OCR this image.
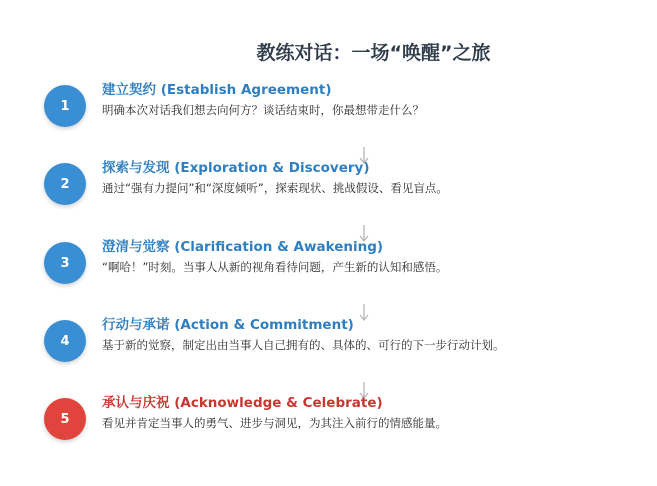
教练对话：一场“唤醒”之旅
1
建立契约 (Establish Agreement)
明确本次对话我们想去向何方？谈话结束时，你最想带走什么？
2
探索与发现 (Exploration & Discovery)
通过“强有力提问”和“深度倾听”，探索现状、挑战假设、看见盲点。
3
澄清与觉察 (Clarification & Awakening)
“啊哈！”时刻。当事人从新的视角看待问题，产生新的认知和感悟。
4
行动与承诺 (Action & Commitment)
基于新的觉察，制定出由当事人自己拥有的、具体的、可行的下一步行动计划。
5
承认与庆祝 (Acknowledge & Celebrate)
看见并肯定当事人的勇气、进步与洞见，为其注入前行的情感能量。
